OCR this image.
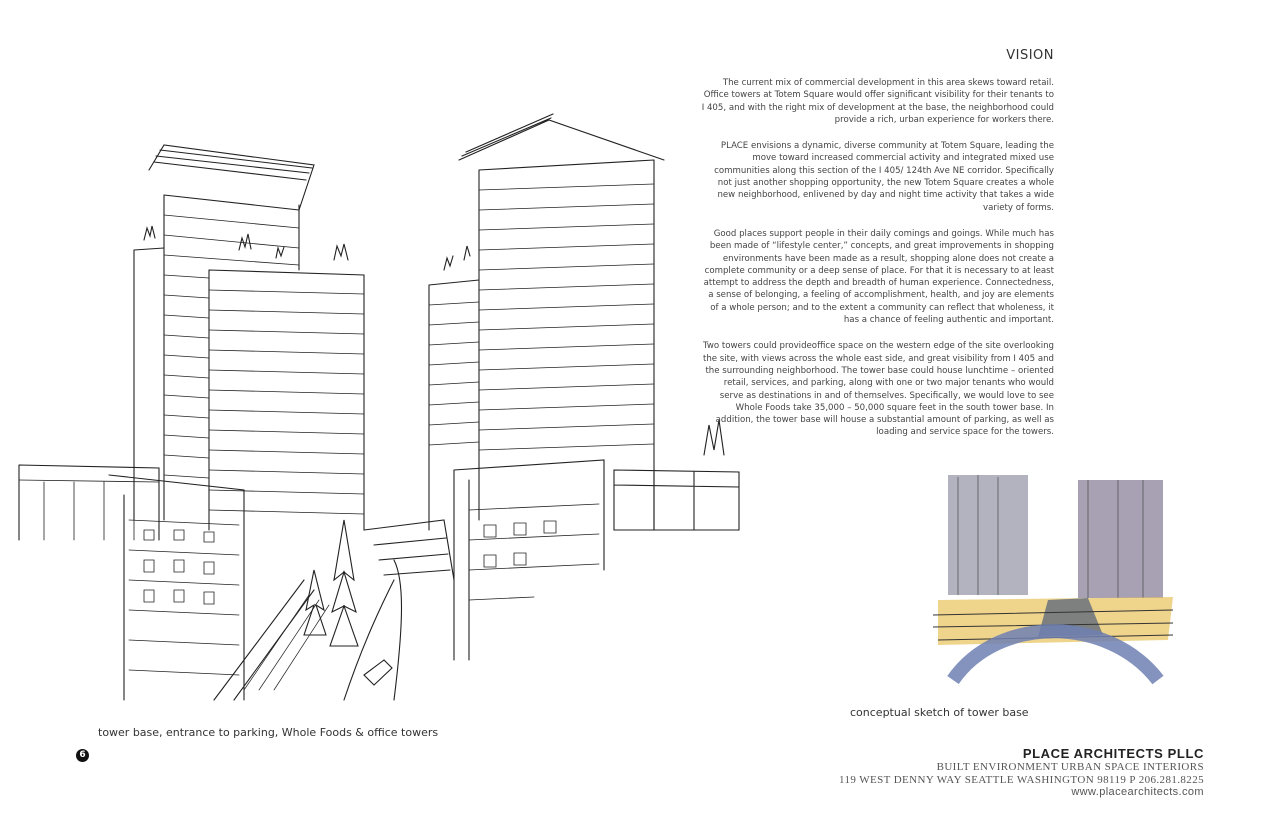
VISION

The current mix of commercial development in this area skews toward retail. Office towers at Totem Square would offer significant visibility for their tenants to I 405, and with the right mix of development at the base, the neighborhood could provide a rich, urban experience for workers there.

PLACE envisions a dynamic, diverse community at Totem Square, leading the move toward increased commercial activity and integrated mixed use communities along this section of the I 405/ 124th Ave NE corridor. Specifically not just another shopping opportunity, the new Totem Square creates a whole new neighborhood, enlivened by day and night time activity that takes a wide variety of forms.

Good places support people in their daily comings and goings. While much has been made of “lifestyle center,” concepts, and great improvements in shopping environments have been made as a result, shopping alone does not create a complete community or a deep sense of place. For that it is necessary to at least attempt to address the depth and breadth of human experience. Connectedness, a sense of belonging, a feeling of accomplishment, health, and joy are elements of a whole person; and to the extent a community can reflect that wholeness, it has a chance of feeling authentic and important.

Two towers could provideoffice space on the western edge of the site overlooking the site, with views across the whole east side, and great visibility from I 405 and the surrounding neighborhood. The tower base could house lunchtime – oriented retail, services, and parking, along with one or two major tenants who would serve as destinations in and of themselves. Specifically, we would love to see Whole Foods take 35,000 – 50,000 square feet in the south tower base. In addition, the tower base will house a substantial amount of parking, as well as loading and service space for the towers.

tower base, entrance to parking, Whole Foods & office towers
conceptual sketch of tower base
6	PLACE ARCHITECTS PLLC
BUILT ENVIRONMENT URBAN SPACE INTERIORS
119 WEST DENNY WAY SEATTLE WASHINGTON 98119 P 206.281.8225
www.placearchitects.com
